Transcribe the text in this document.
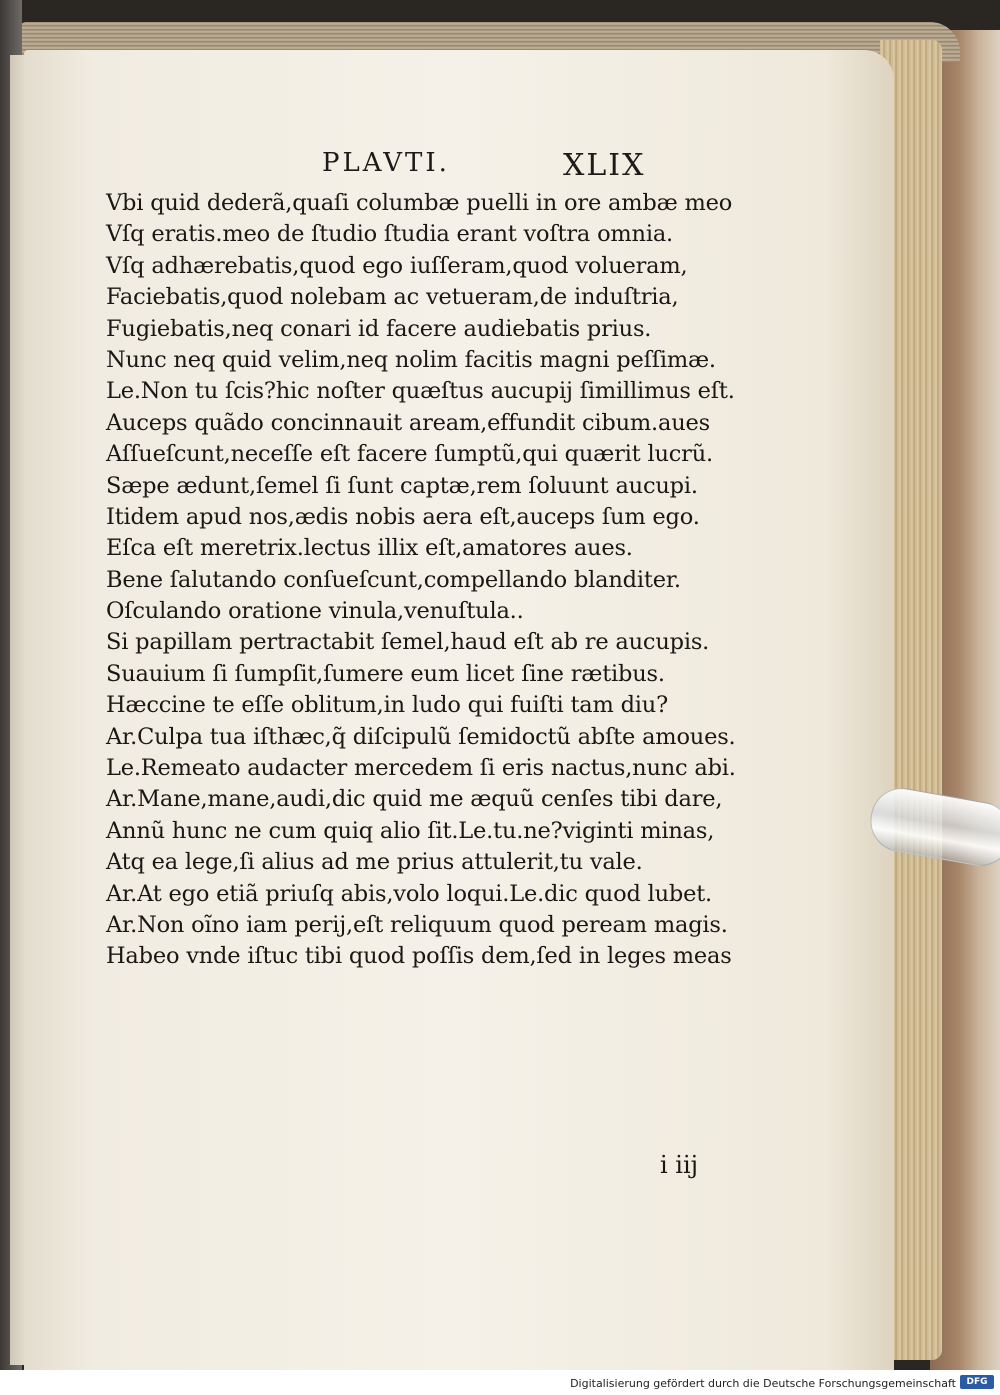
PLAVTI.	XLIX
Vbi quid dederã,quaſi columbæ puelli in ore ambæ meo
Vſq eratis.meo de ſtudio ſtudia erant voſtra omnia.
Vſq adhærebatis,quod ego iuſſeram,quod volueram,
Faciebatis,quod nolebam ac vetueram,de induſtria,
Fugiebatis,neq conari id facere audiebatis prius.
Nunc neq quid velim,neq nolim facitis magni peſſimæ.
Le.Non tu ſcis?hic noſter quæſtus aucupij ſimillimus eſt.
Auceps quãdo concinnauit aream,effundit cibum.aues
Aſſueſcunt,neceſſe eſt facere ſumptũ,qui quærit lucrũ.
Sæpe ædunt,ſemel ſi ſunt captæ,rem ſoluunt aucupi.
Itidem apud nos,ædis nobis aera eſt,auceps ſum ego.
Eſca eſt meretrix.lectus illix eſt,amatores aues.
Bene ſalutando conſueſcunt,compellando blanditer.
Oſculando oratione vinula,venuſtula..
Si papillam pertractabit ſemel,haud eſt ab re aucupis.
Suauium ſi ſumpſit,ſumere eum licet ſine rætibus.
Hæccine te eſſe oblitum,in ludo qui fuiſti tam diu?
Ar.Culpa tua iſthæc,q̃ diſcipulũ ſemidoctũ abſte amoues.
Le.Remeato audacter mercedem ſi eris nactus,nunc abi.
Ar.Mane,mane,audi,dic quid me æquũ cenſes tibi dare,
Annũ hunc ne cum quiq alio ſit.Le.tu.ne?viginti minas,
Atq ea lege,ſi alius ad me prius attulerit,tu vale.
Ar.At ego etiã priuſq abis,volo loqui.Le.dic quod lubet.
Ar.Non oĩno iam perij,eſt reliquum quod peream magis.
Habeo vnde iſtuc tibi quod poſſis dem,ſed in leges meas
i iij
Digitalisierung gefördert durch die Deutsche Forschungsgemeinschaft	DFG
